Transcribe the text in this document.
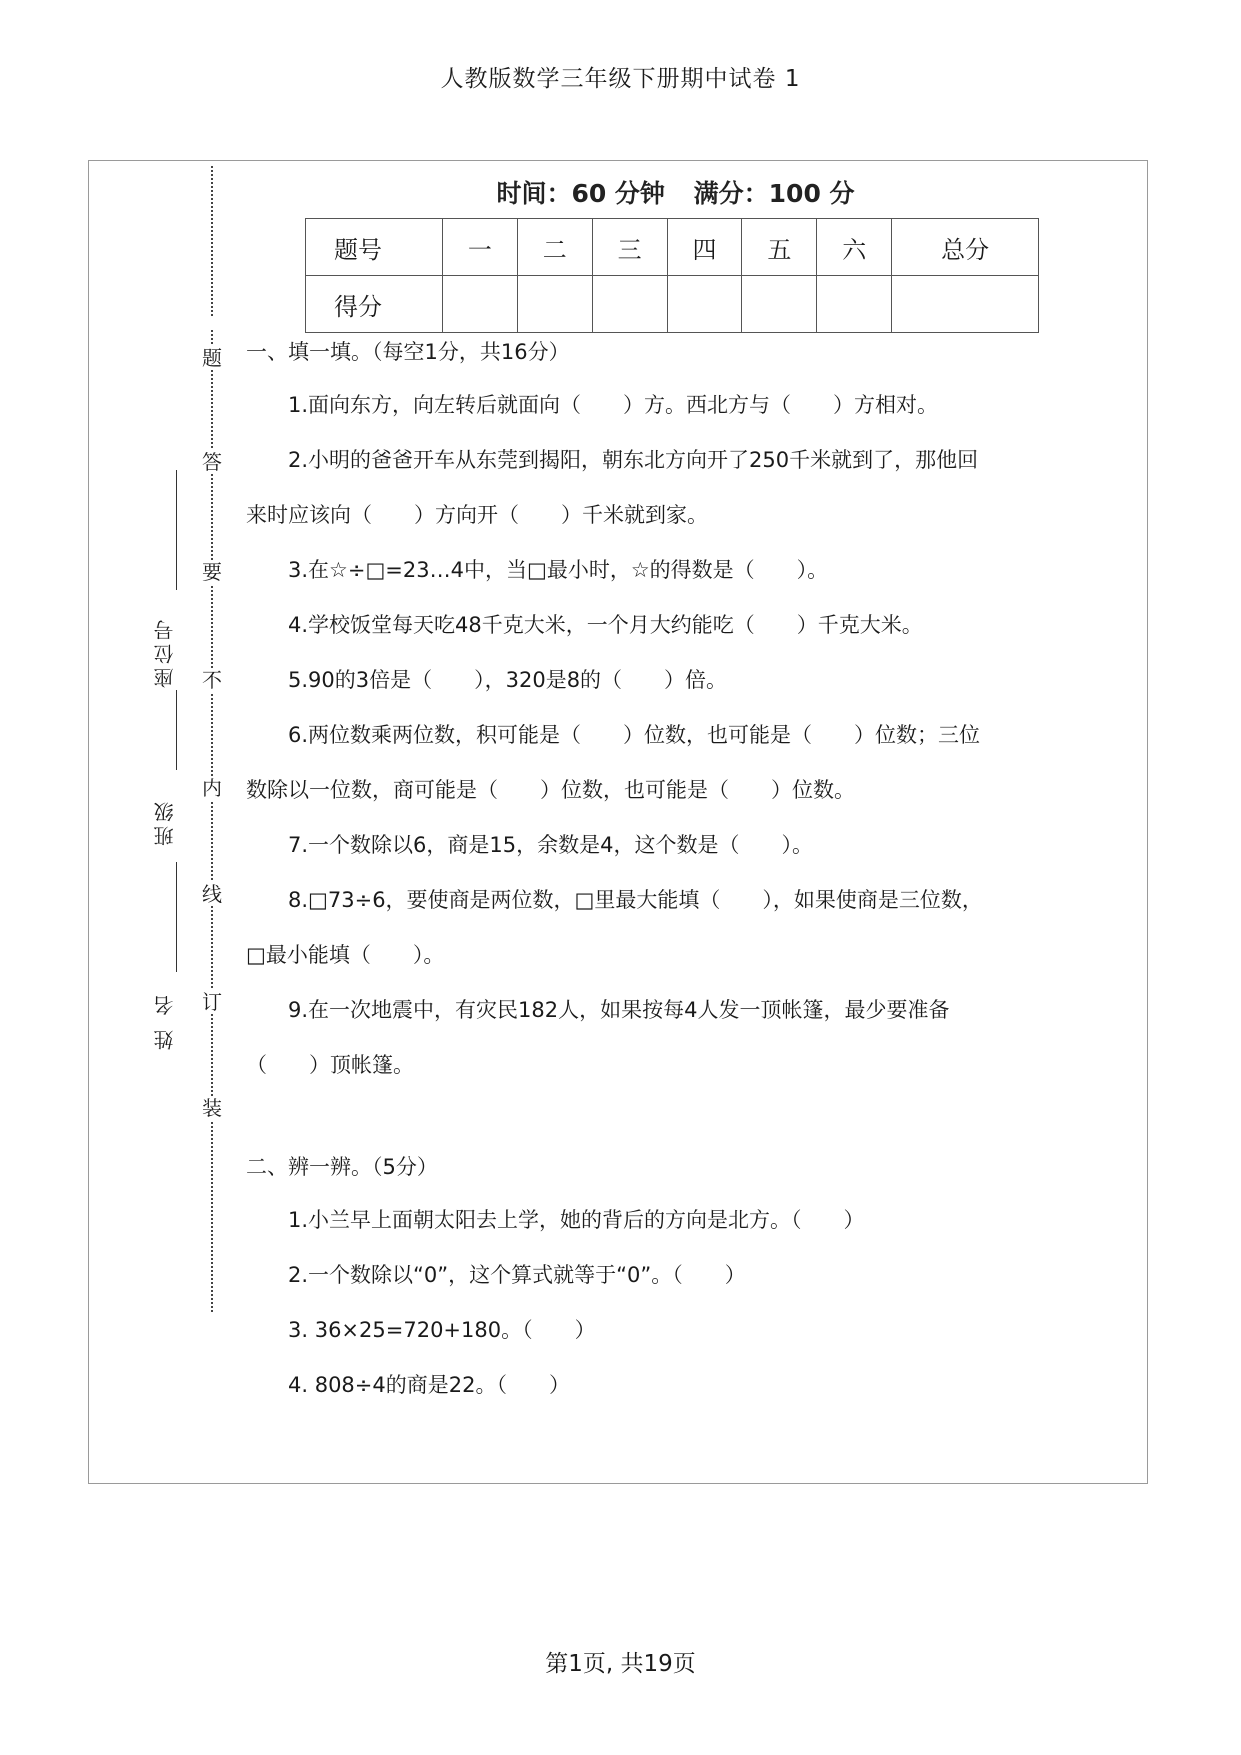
人教版数学三年级下册期中试卷 1
题
答
要
不
内
线
订
装
座位号
班级
姓 名
时间：60 分钟 满分：100 分
题号	一	二	三	四	五	六	总分
得分							

一、填一填。（每空1分，共16分）

1.面向东方，向左转后就面向（　　）方。西北方与（　　）方相对。

2.小明的爸爸开车从东莞到揭阳，朝东北方向开了250千米就到了，那他回

来时应该向（　　）方向开（　　）千米就到家。

3.在☆÷□=23…4中，当□最小时，☆的得数是（　　）。

4.学校饭堂每天吃48千克大米，一个月大约能吃（　　）千克大米。

5.90的3倍是（　　），320是8的（　　）倍。

6.两位数乘两位数，积可能是（　　）位数，也可能是（　　）位数；三位

数除以一位数，商可能是（　　）位数，也可能是（　　）位数。

7.一个数除以6，商是15，余数是4，这个数是（　　）。

8.□73÷6，要使商是两位数，□里最大能填（　　），如果使商是三位数，

□最小能填（　　）。

9.在一次地震中，有灾民182人，如果按每4人发一顶帐篷，最少要准备

（　　）顶帐篷。

二、辨一辨。（5分）

1.小兰早上面朝太阳去上学，她的背后的方向是北方。（　　）

2.一个数除以“0”，这个算式就等于“0”。（　　）

3. 36×25=720+180。（　　）

4. 808÷4的商是22。（　　）

第1页, 共19页
